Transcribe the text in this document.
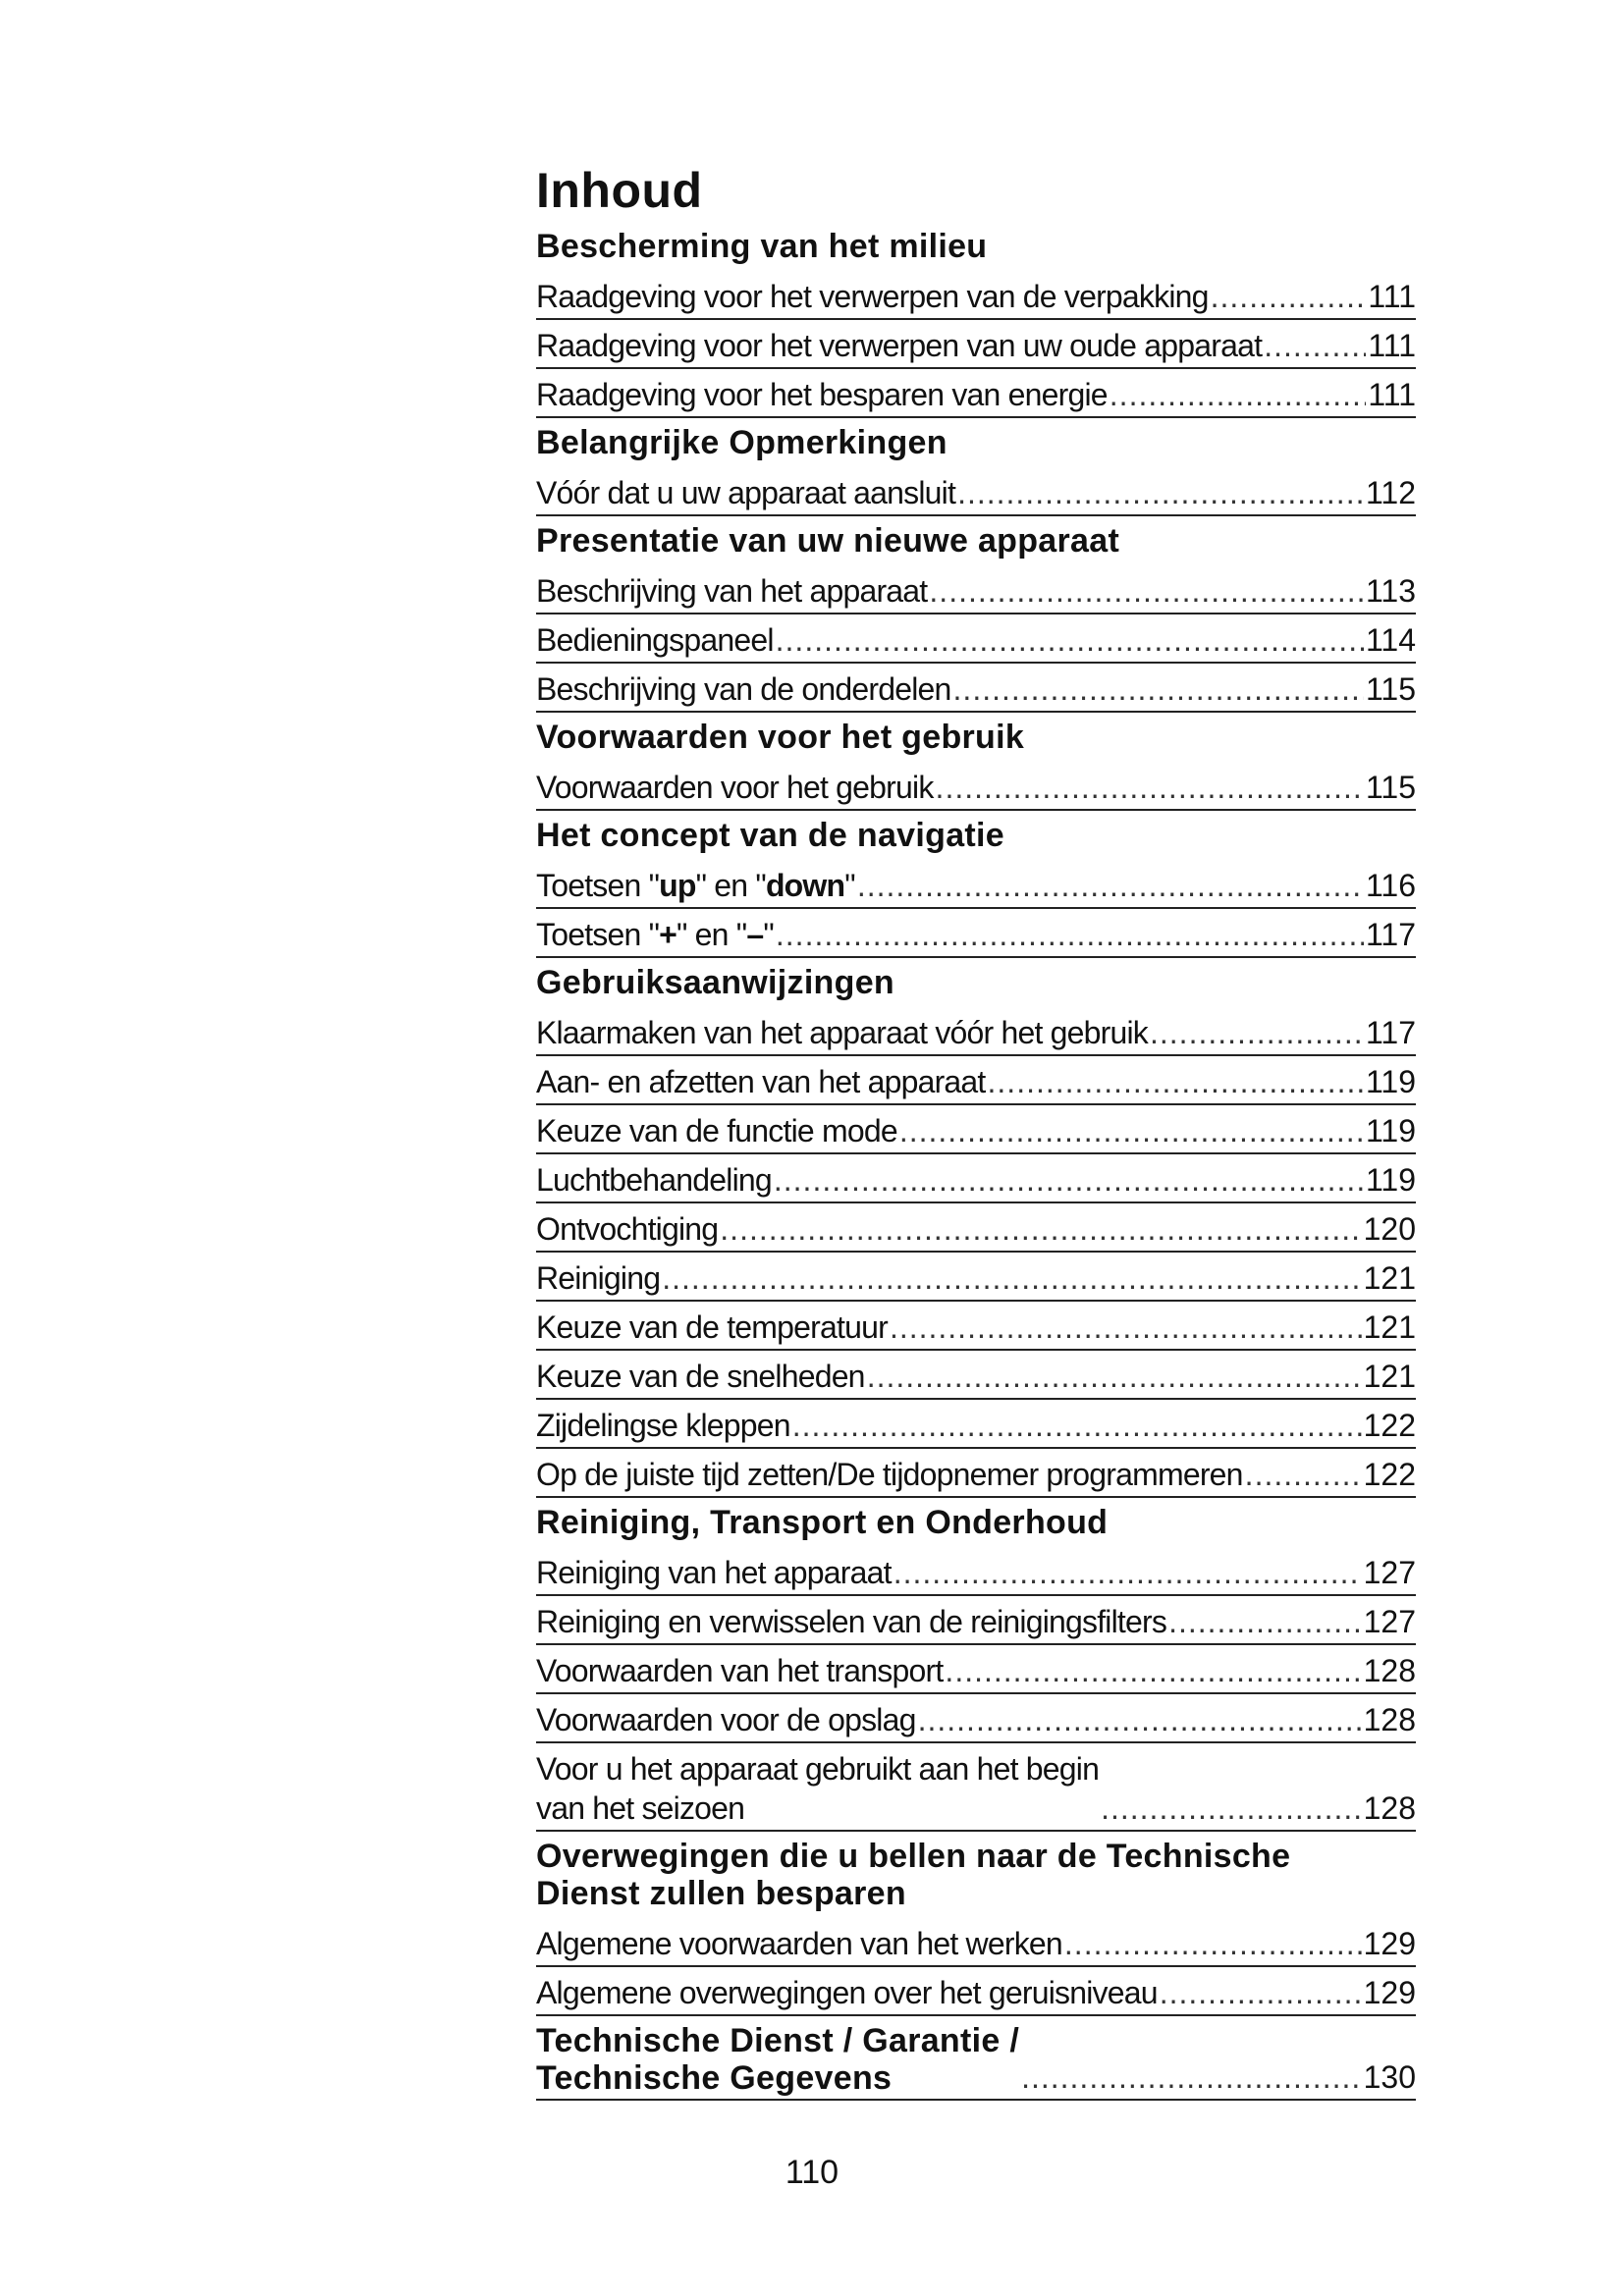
Inhoud
Bescherming van het milieu
Raadgeving voor het verwerpen van de verpakking .....	111
Raadgeving voor het verwerpen van uw oude apparaat .....	111
Raadgeving voor het besparen van energie .....	111
Belangrijke Opmerkingen
Vóór dat u uw apparaat aansluit .....	112
Presentatie van uw nieuwe apparaat
Beschrijving van het apparaat .....	113
Bedieningspaneel .....	114
Beschrijving van de onderdelen .....	115
Voorwaarden voor het gebruik
Voorwaarden voor het gebruik .....	115
Het concept van de navigatie
Toetsen "up" en "down" .....	116
Toetsen "+" en "–" .....	117
Gebruiksaanwijzingen
Klaarmaken van het apparaat vóór het gebruik .....	117
Aan- en afzetten van het apparaat .....	119
Keuze van de functie mode .....	119
Luchtbehandeling .....	119
Ontvochtiging .....	120
Reiniging .....	121
Keuze van de temperatuur .....	121
Keuze van de snelheden .....	121
Zijdelingse kleppen .....	122
Op de juiste tijd zetten/De tijdopnemer programmeren .....	122
Reiniging, Transport en Onderhoud
Reiniging van het apparaat .....	127
Reiniging en verwisselen van de reinigingsfilters .....	127
Voorwaarden van het transport .....	128
Voorwaarden voor de opslag .....	128
Voor u het apparaat gebruikt aan het begin
van het seizoen .....	128
Overwegingen die u bellen naar de Technische
Dienst zullen besparen
Algemene voorwaarden van het werken .....	129
Algemene overwegingen over het geruisniveau .....	129
Technische Dienst / Garantie /
Technische Gegevens .....	130
110
